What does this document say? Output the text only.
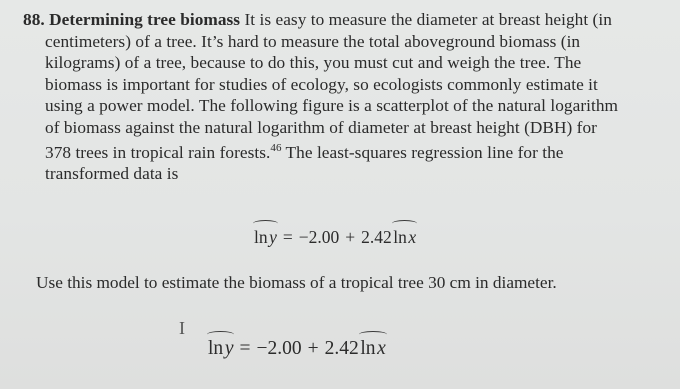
88. Determining tree biomass It is easy to measure the diameter at breast height (in
centimeters) of a tree. It’s hard to measure the total aboveground biomass (in
kilograms) of a tree, because to do this, you must cut and weigh the tree. The
biomass is important for studies of ecology, so ecologists commonly estimate it
using a power model. The following figure is a scatterplot of the natural logarithm
of biomass against the natural logarithm of diameter at breast height (DBH) for
378 trees in tropical rain forests.$^{46}$ The least-squares regression line for the
transformed data is
ln y = −2.00 + 2.42 ln x
Use this model to estimate the biomass of a tropical tree 30 cm in diameter.
I
ln y = −2.00 + 2.42 ln x
